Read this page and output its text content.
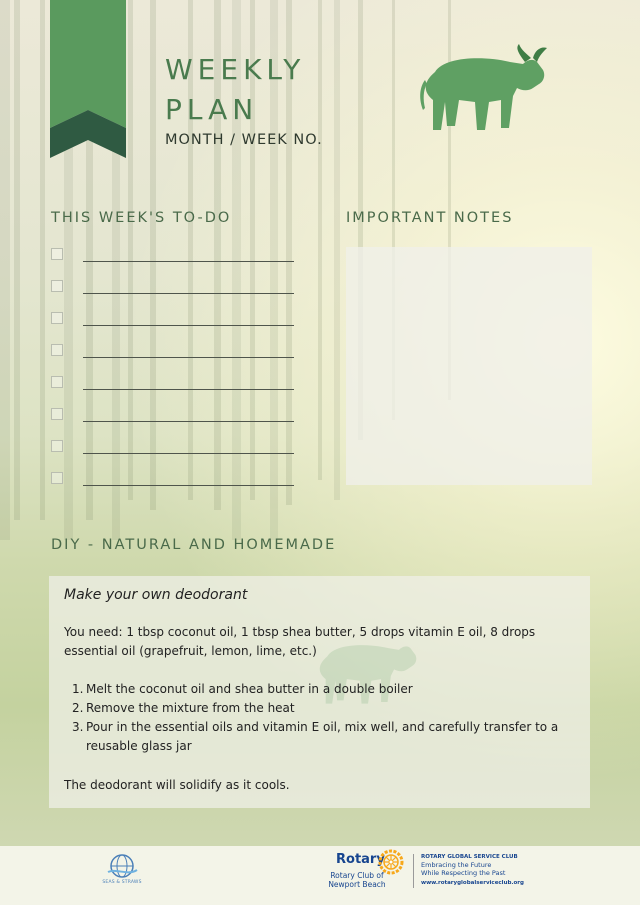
WEEKLY
PLAN
MONTH / WEEK NO.
THIS WEEK'S TO-DO	IMPORTANT NOTES
DIY - NATURAL AND HOMEMADE
Make your own deodorant
You need: 1 tbsp coconut oil, 1 tbsp shea butter, 5 drops vitamin E oil, 8 drops essential oil (grapefruit, lemon, lime, etc.)
1. Melt the coconut oil and shea butter in a double boiler
2. Remove the mixture from the heat
3. Pour in the essential oils and vitamin E oil, mix well, and carefully transfer to a reusable glass jar
The deodorant will solidify as it cools.
SEAS & STRAWS
Rotary
Rotary Club of
Newport Beach
ROTARY GLOBAL SERVICE CLUB
Embracing the Future
While Respecting the Past
www.rotaryglobalserviceclub.org
